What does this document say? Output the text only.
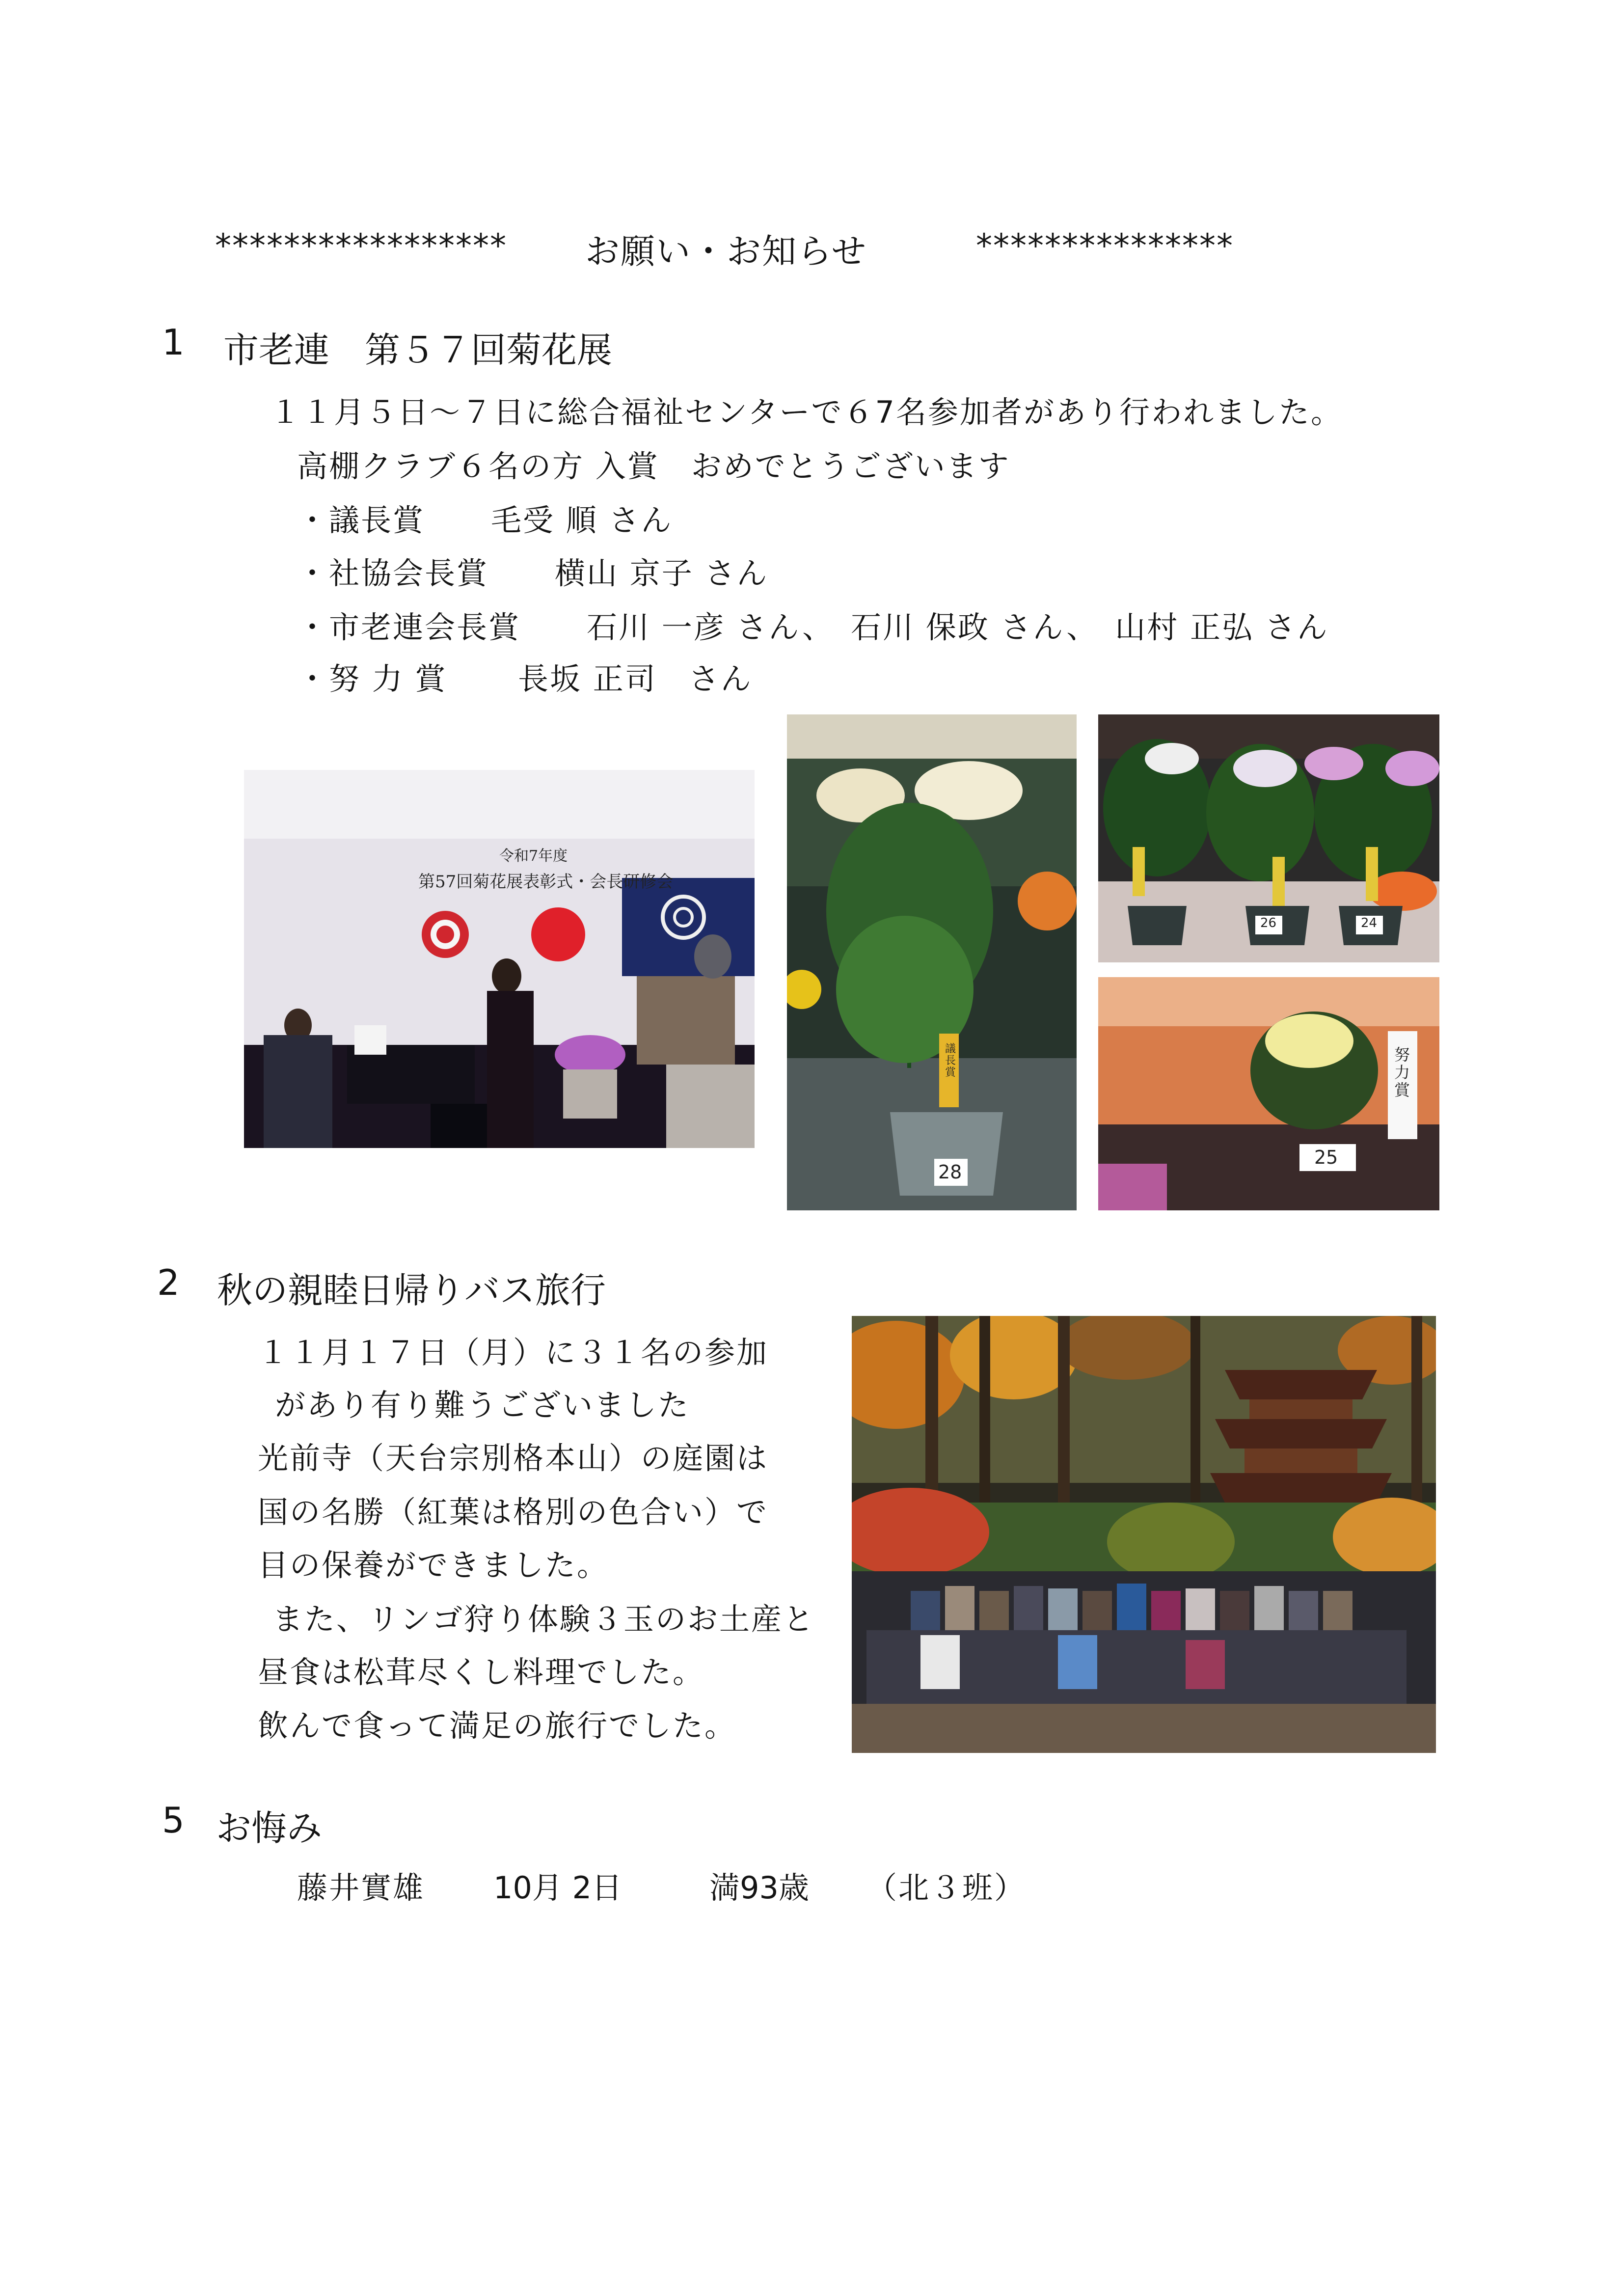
***************** お願い・お知らせ	***************
1 市老連　第５７回菊花展
１１月５日〜７日に総合福祉センターで６7名参加者があり行われました。
高棚クラブ６名の方 入賞　おめでとうございます
・議長賞 毛受 順 さん
・社協会長賞 横山 京子 さん
・市老連会長賞 石川 一彦 さん、　石川 保政 さん、　山村 正弘 さん
・努 力 賞 長坂 正司　さん
令和7年度
第57回菊花展表彰式・会長研修会
議長賞
28
26	24
25
努力賞
2 秋の親睦日帰りバス旅行
１１月１７日（月）に３１名の参加
があり有り難うございました
光前寺（天台宗別格本山）の庭園は
国の名勝（紅葉は格別の色合い）で
目の保養ができました。
また、リンゴ狩り体験３玉のお土産と
昼食は松茸尽くし料理でした。
飲んで食って満足の旅行でした。
5 お悔み
藤井實雄 10月 2日	満93歳 （北３班）
